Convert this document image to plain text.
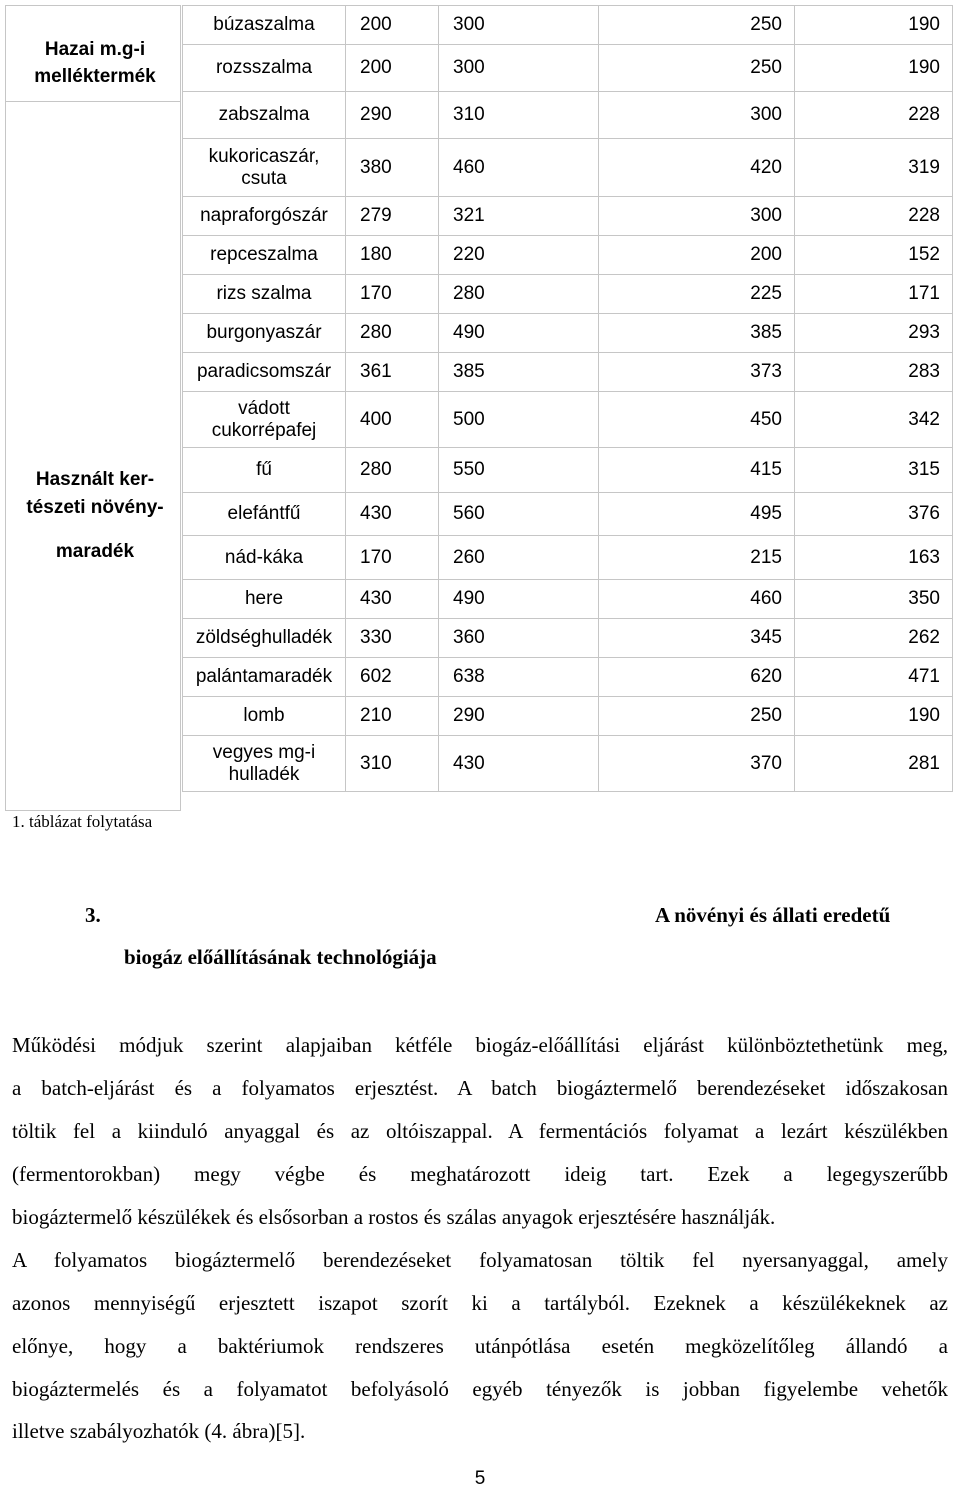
Hazai m.g-i
melléktermék
Használt ker-
tészeti növény-
maradék
búzaszalma	200	300	250	190
rozsszalma	200	300	250	190
zabszalma	290	310	300	228
kukoricaszár, csuta	380	460	420	319
napraforgószár	279	321	300	228
repceszalma	180	220	200	152
rizs szalma	170	280	225	171
burgonyaszár	280	490	385	293
paradicsomszár	361	385	373	283
vádott cukorrépafej	400	500	450	342
fű	280	550	415	315
elefántfű	430	560	495	376
nád-káka	170	260	215	163
here	430	490	460	350
zöldséghulladék	330	360	345	262
palántamaradék	602	638	620	471
lomb	210	290	250	190
vegyes mg-i hulladék	310	430	370	281
1. táblázat folytatása
3.	A növényi és állati eredetű
biogáz előállításának technológiája
Működési módjuk szerint alapjaiban kétféle biogáz-előállítási eljárást különböztethetünk meg,
a batch-eljárást és a folyamatos erjesztést. A batch biogáztermelő berendezéseket időszakosan
töltik fel a kiinduló anyaggal és az oltóiszappal. A fermentációs folyamat a lezárt készülékben
(fermentorokban) megy végbe és meghatározott ideig tart. Ezek a legegyszerűbb
biogáztermelő készülékek és elsősorban a rostos és szálas anyagok erjesztésére használják.
A folyamatos biogáztermelő berendezéseket folyamatosan töltik fel nyersanyaggal, amely
azonos mennyiségű erjesztett iszapot szorít ki a tartályból. Ezeknek a készülékeknek az
előnye, hogy a baktériumok rendszeres utánpótlása esetén megközelítőleg állandó a
biogáztermelés és a folyamatot befolyásoló egyéb tényezők is jobban figyelembe vehetők
illetve szabályozhatók (4. ábra)[5].
5
